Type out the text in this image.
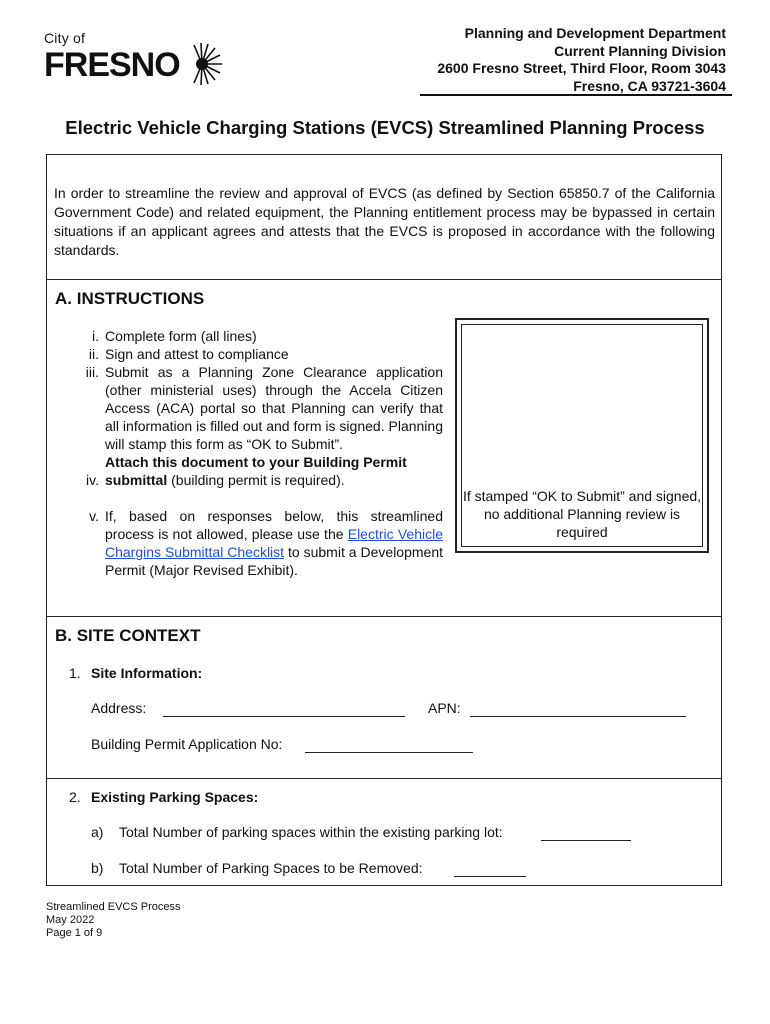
City of
FRESNO
Planning and Development Department
Current Planning Division
2600 Fresno Street, Third Floor, Room 3043
Fresno, CA 93721-3604
Electric Vehicle Charging Stations (EVCS) Streamlined Planning Process
In order to streamline the review and approval of EVCS (as defined by Section 65850.7 of the California Government Code) and related equipment, the Planning entitlement process may be bypassed in certain situations if an applicant agrees and attests that the EVCS is proposed in accordance with the following standards.
A. INSTRUCTIONS
i. Complete form (all lines)
ii. Sign and attest to compliance
iii. Submit as a Planning Zone Clearance application (other ministerial uses) through the Accela Citizen Access (ACA) portal so that Planning can verify that all information is filled out and form is signed. Planning will stamp this form as “OK to Submit”.
Attach this document to your Building Permit
iv. submittal (building permit is required).
v. If, based on responses below, this streamlined process is not allowed, please use the Electric Vehicle Chargins Submittal Checklist to submit a Development Permit (Major Revised Exhibit).
If stamped “OK to Submit” and signed, no additional Planning review is required
B. SITE CONTEXT
1. Site Information:
Address:	APN:
Building Permit Application No:
2. Existing Parking Spaces:
a) Total Number of parking spaces within the existing parking lot:
b) Total Number of Parking Spaces to be Removed:
Streamlined EVCS Process
May 2022
Page 1 of 9
